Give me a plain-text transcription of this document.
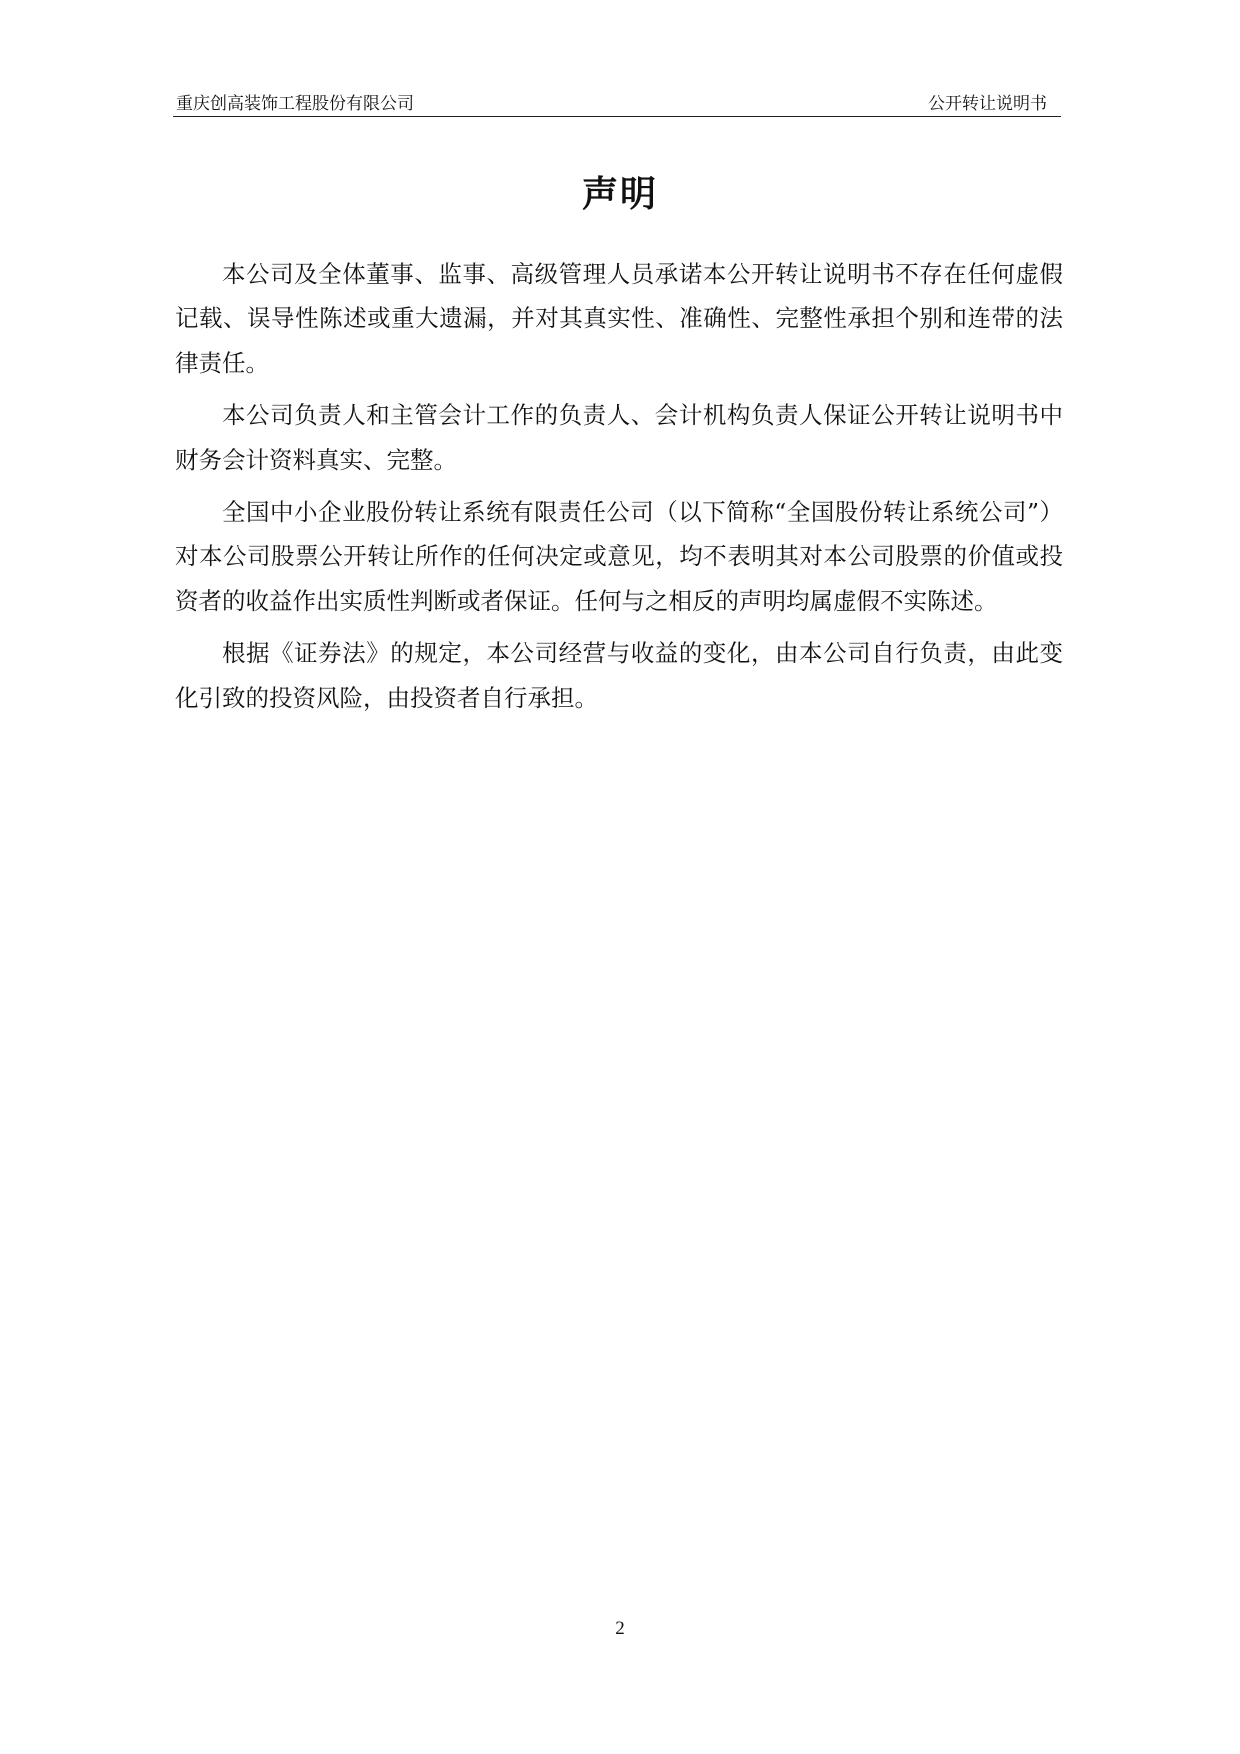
重庆创高装饰工程股份有限公司	公开转让说明书
声明

本公司及全体董事、监事、高级管理人员承诺本公开转让说明书不存在任何虚假记载、误导性陈述或重大遗漏，并对其真实性、准确性、完整性承担个别和连带的法律责任。

本公司负责人和主管会计工作的负责人、会计机构负责人保证公开转让说明书中财务会计资料真实、完整。

全国中小企业股份转让系统有限责任公司（以下简称“全国股份转让系统公司”）对本公司股票公开转让所作的任何决定或意见，均不表明其对本公司股票的价值或投资者的收益作出实质性判断或者保证。任何与之相反的声明均属虚假不实陈述。

根据《证券法》的规定，本公司经营与收益的变化，由本公司自行负责，由此变化引致的投资风险，由投资者自行承担。

2
